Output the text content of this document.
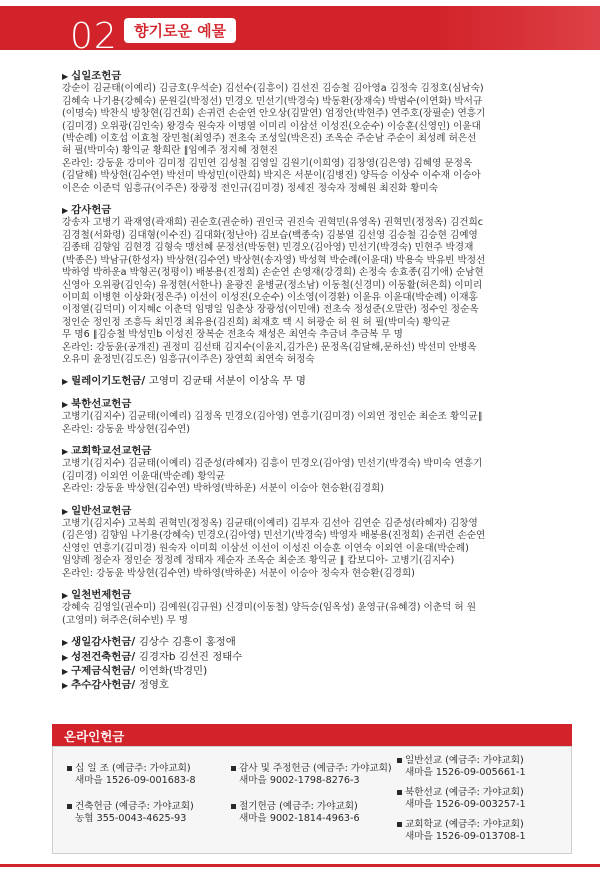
02	향기로운 예물
▶ 십일조헌금
강순이 김균태(이예리) 김금호(우석순) 김선수(김흥이) 김선진 김승철 김아영a 김정숙 김정호(심남숙)
김혜숙 나기용(강혜숙) 문원길(박정선) 민경오 민선기(박경숙) 박동환(장재숙) 박범수(이연화) 박서규
(이명숙) 박찬식 방창현(김건희) 손귀련 손순연 안오상(김말연) 엄정안(박현주) 연주호(장필순) 연흥기
(김미경) 오위광(김인숙) 왕경숙 원숙자 이명열 이미리 이삼선 이성진(오순수) 이승훈(신영인) 이윤대
(박순례) 이호섭 이효철 장민철(최영주) 전초숙 조성일(박은진) 조옥순 주순남 주순이 최성례 허은선
허 필(박미숙) 황익균 황희란 ∥임예주 정지혜 정현진
온라인: 강동윤 강미아 김미정 김민연 김성철 김영일 김원기(이희영) 김창영(김은영) 김혜영 문정옥
(김달해) 박상현(김수연) 박선미 박성민(이란희) 박지은 서분이(김병진) 양득승 이상수 이수재 이승아
이은순 이준덕 임흥규(이주은) 장광정 전인규(김미경) 정세진 정숙자 정혜원 최진화 황미숙
▶ 감사헌금
강송자 고병기 곽재영(곽재희) 권순호(권순하) 권인국 권진숙 권혁민(유영옥) 권혁민(정정옥) 김건희c
김경철(서화령) 김대형(이수진) 김대화(정난아) 김보습(백종숙) 김봉열 김선영 김승철 김승현 김예영
김종태 김향임 김현경 김형숙 맹선혜 문정선(박동현) 민경오(김아영) 민선기(박경숙) 민현주 박경재
(박종은) 박남규(한성자) 박상현(김수연) 박상현(송자영) 박성혁 박순례(이윤대) 박용숙 박유빈 박정선
박하영 박하운a 박형곤(정평이) 배봉용(진정희) 손순연 손영재(강경희) 손정숙 송효종(김기애) 순남현
신영아 오위광(김인숙) 유정현(서한나) 윤광진 윤병균(정소남) 이동철(신경미) 이동활(허은희) 이미리
이미희 이병현 이상화(정은주) 이선이 이성진(오순수) 이소영(이경환) 이윤유 이윤대(박순례) 이재홍
이정열(김덕미) 이지혜c 이춘덕 임명일 임춘상 장광성(이민애) 전초숙 정성준(오말란) 정수인 정순옥
정인순 정인정 조흥득 최민경 최유용(김진희) 최재호 택 시 허광순 허 원 허 필(박미숙) 황익균
무 명6 ∥김승철 박성민b 이성진 장복순 전초숙 채성은 최연숙 추금녀 추금복 무 명
온라인: 강동윤(공개진) 권정미 김선태 김지수(이윤지,김가은) 문정옥(김달해,문하선) 박선미 안병옥
오유미 윤정민(김도은) 임흥규(이주은) 장연희 최연숙 허정숙
▶ 릴레이기도헌금/ 고영미 김균태 서분이 이상옥 무 명
▶ 북한선교헌금
고병기(김지수) 김균태(이예리) 김정옥 민경오(김아영) 연흥기(김미경) 이외연 정인순 최순조 황익균∥
온라인: 강동윤 박상현(김수연)
▶ 교회학교선교헌금
고병기(김지수) 김균태(이예리) 김준성(라혜자) 김흥이 민경오(김아영) 민선기(박경숙) 박미숙 연흥기
(김미경) 이외연 이윤대(박순례) 황익균
온라인: 강동윤 박상현(김수연) 박하영(박하운) 서분이 이승아 현승환(김경희)
▶ 일반선교헌금
고병기(김지수) 고복희 권혁민(정정옥) 김균태(이예리) 김부자 김선아 김연순 김준성(라혜자) 김창영
(김은영) 김향임 나기용(강혜숙) 민경오(김아영) 민선기(박경숙) 박영자 배봉용(진정희) 손귀련 손순연
신영인 연흥기(김미경) 원숙자 이미희 이삼선 이선이 이성진 이승훈 이연숙 이외연 이윤대(박순례)
임양례 정순자 정인순 정정례 정태자 제순자 조옥순 최순조 황익균 ∥ 캄보디아- 고병기(김지수)
온라인: 강동윤 박상현(김수연) 박하영(박하운) 서분이 이승아 정숙자 현승환(김경희)
▶ 일천번제헌금
강혜숙 김영일(권수미) 김예원(김규원) 신경미(이동철) 양득승(임옥성) 윤영규(유혜경) 이춘덕 허 원
(고영미) 허주은(허수빈) 무 명
▶ 생일감사헌금/ 김상수 김흥이 홍정애
▶ 성전건축헌금/ 김경자b 김선진 정태수
▶ 구제금식헌금/ 이연화(박경민)
▶ 추수감사헌금/ 정영호
온라인헌금
십 일 조 (예금주: 가야교회)
새마을 1526-09-001683-8
건축헌금 (예금주: 가야교회)
농협 355-0043-4625-93
감사 및 주정헌금 (예금주: 가야교회)
새마을 9002-1798-8276-3
절기헌금 (예금주: 가야교회)
새마을 9002-1814-4963-6
일반선교 (예금주: 가야교회)
새마을 1526-09-005661-1
북한선교 (예금주: 가야교회)
새마을 1526-09-003257-1
교회학교 (예금주: 가야교회)
새마을 1526-09-013708-1
